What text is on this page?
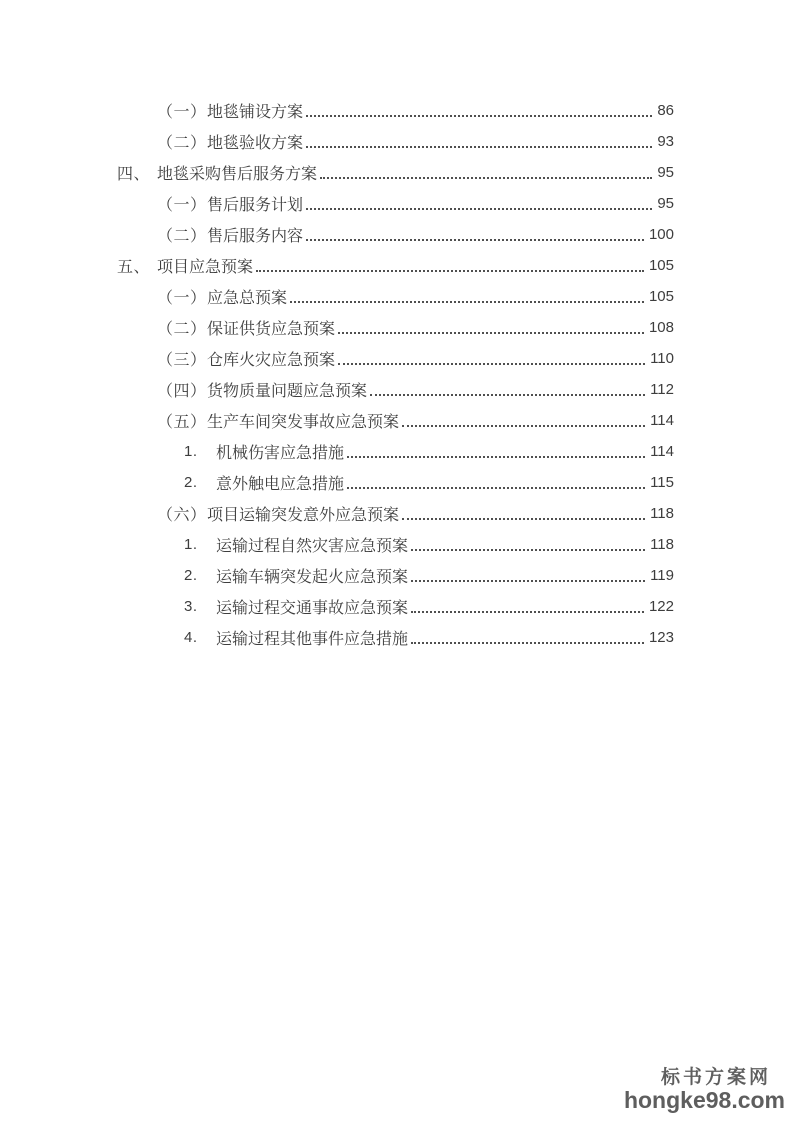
（一） 地毯铺设方案	86
（二） 地毯验收方案	93
四、 地毯采购售后服务方案	95
（一） 售后服务计划	95
（二） 售后服务内容	100
五、 项目应急预案	105
（一） 应急总预案	105
（二） 保证供货应急预案	108
（三） 仓库火灾应急预案	110
（四） 货物质量问题应急预案	112
（五） 生产车间突发事故应急预案	114
1.	机械伤害应急措施	114
2.	意外触电应急措施	115
（六） 项目运输突发意外应急预案	118
1.	运输过程自然灾害应急预案	118
2.	运输车辆突发起火应急预案	119
3.	运输过程交通事故应急预案	122
4.	运输过程其他事件应急措施	123
标书方案网
hongke98.com
